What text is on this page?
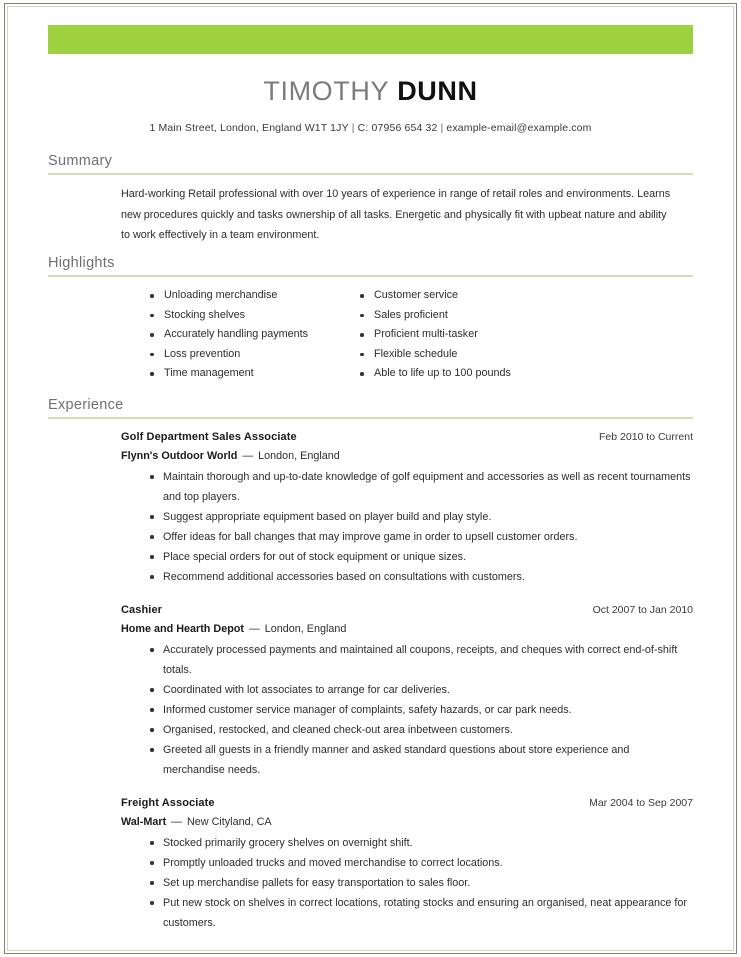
TIMOTHY DUNN
1 Main Street, London, England W1T 1JY | C: 07956 654 32 | example-email@example.com
Summary
Hard-working Retail professional with over 10 years of experience in range of retail roles and environments. Learns new procedures quickly and tasks ownership of all tasks. Energetic and physically fit with upbeat nature and ability to work effectively in a team environment.
Highlights
Unloading merchandise
Stocking shelves
Accurately handling payments
Loss prevention
Time management
Customer service
Sales proficient
Proficient multi-tasker
Flexible schedule
Able to life up to 100 pounds
Experience
Golf Department Sales Associate	Feb 2010 to Current
Flynn's Outdoor World — London, England
Maintain thorough and up-to-date knowledge of golf equipment and accessories as well as recent tournaments and top players.
Suggest appropriate equipment based on player build and play style.
Offer ideas for ball changes that may improve game in order to upsell customer orders.
Place special orders for out of stock equipment or unique sizes.
Recommend additional accessories based on consultations with customers.
Cashier	Oct 2007 to Jan 2010
Home and Hearth Depot — London, England
Accurately processed payments and maintained all coupons, receipts, and cheques with correct end-of-shift totals.
Coordinated with lot associates to arrange for car deliveries.
Informed customer service manager of complaints, safety hazards, or car park needs.
Organised, restocked, and cleaned check-out area inbetween customers.
Greeted all guests in a friendly manner and asked standard questions about store experience and merchandise needs.
Freight Associate	Mar 2004 to Sep 2007
Wal-Mart — New Cityland, CA
Stocked primarily grocery shelves on overnight shift.
Promptly unloaded trucks and moved merchandise to correct locations.
Set up merchandise pallets for easy transportation to sales floor.
Put new stock on shelves in correct locations, rotating stocks and ensuring an organised, neat appearance for customers.
